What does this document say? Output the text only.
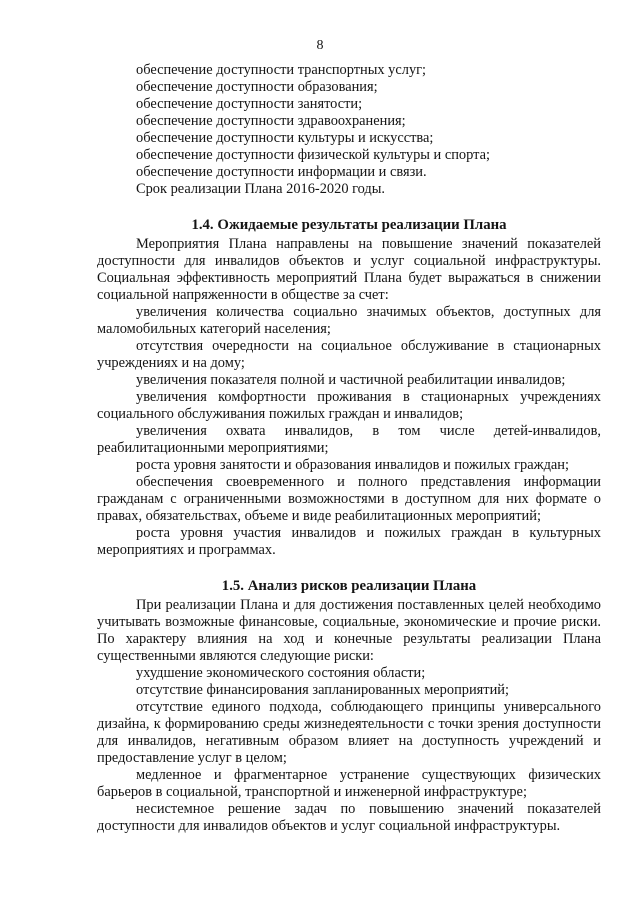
8

обеспечение доступности транспортных услуг;

обеспечение доступности образования;

обеспечение доступности занятости;

обеспечение доступности здравоохранения;

обеспечение доступности культуры и искусства;

обеспечение доступности физической культуры и спорта;

обеспечение доступности информации и связи.

Срок реализации Плана 2016-2020 годы.

1.4. Ожидаемые результаты реализации Плана

Мероприятия Плана направлены на повышение значений показателей доступности для инвалидов объектов и услуг социальной инфраструктуры. Социальная эффективность мероприятий Плана будет выражаться в снижении социальной напряженности в обществе за счет:

увеличения количества социально значимых объектов, доступных для маломобильных категорий населения;

отсутствия очередности на социальное обслуживание в стационарных учреждениях и на дому;

увеличения показателя полной и частичной реабилитации инвалидов;

увеличения комфортности проживания в стационарных учреждениях социального обслуживания пожилых граждан и инвалидов;

увеличения охвата инвалидов, в том числе детей-инвалидов, реабилитационными мероприятиями;

роста уровня занятости и образования инвалидов и пожилых граждан;

обеспечения своевременного и полного представления информации гражданам с ограниченными возможностями в доступном для них формате о правах, обязательствах, объеме и виде реабилитационных мероприятий;

роста уровня участия инвалидов и пожилых граждан в культурных мероприятиях и программах.

1.5. Анализ рисков реализации Плана

При реализации Плана и для достижения поставленных целей необходимо учитывать возможные финансовые, социальные, экономические и прочие риски. По характеру влияния на ход и конечные результаты реализации Плана существенными являются следующие риски:

ухудшение экономического состояния области;

отсутствие финансирования запланированных мероприятий;

отсутствие единого подхода, соблюдающего принципы универсального дизайна, к формированию среды жизнедеятельности с точки зрения доступности для инвалидов, негативным образом влияет на доступность учреждений и предоставление услуг в целом;

медленное и фрагментарное устранение существующих физических барьеров в социальной, транспортной и инженерной инфраструктуре;

несистемное решение задач по повышению значений показателей доступности для инвалидов объектов и услуг социальной инфраструктуры.
